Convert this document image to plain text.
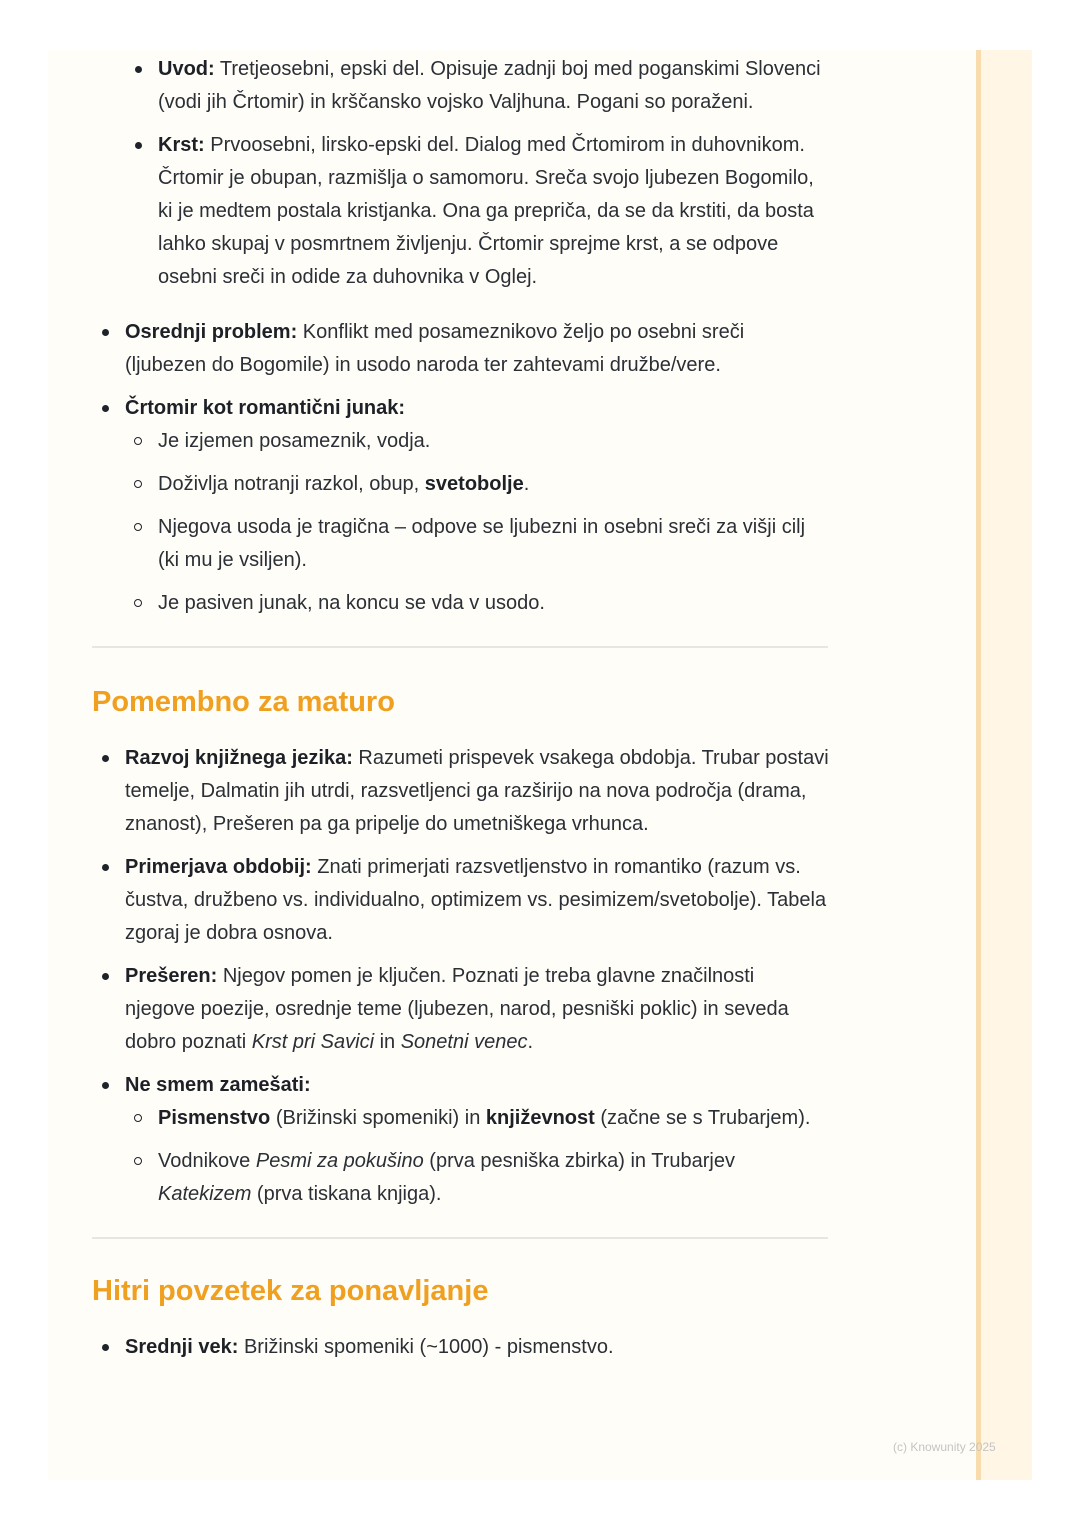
Uvod: Tretjeosebni, epski del. Opisuje zadnji boj med poganskimi Slovenci (vodi jih Črtomir) in krščansko vojsko Valjhuna. Pogani so poraženi.
Krst: Prvoosebni, lirsko-epski del. Dialog med Črtomirom in duhovnikom. Črtomir je obupan, razmišlja o samomoru. Sreča svojo ljubezen Bogomilo, ki je medtem postala kristjanka. Ona ga prepriča, da se da krstiti, da bosta lahko skupaj v posmrtnem življenju. Črtomir sprejme krst, a se odpove osebni sreči in odide za duhovnika v Oglej.
Osrednji problem: Konflikt med posameznikovo željo po osebni sreči (ljubezen do Bogomile) in usodo naroda ter zahtevami družbe/vere.
Črtomir kot romantični junak:
Je izjemen posameznik, vodja.
Doživlja notranji razkol, obup, svetobolje.
Njegova usoda je tragična – odpove se ljubezni in osebni sreči za višji cilj (ki mu je vsiljen).
Je pasiven junak, na koncu se vda v usodo.
Pomembno za maturo
Razvoj knjižnega jezika: Razumeti prispevek vsakega obdobja. Trubar postavi temelje, Dalmatin jih utrdi, razsvetljenci ga razširijo na nova področja (drama, znanost), Prešeren pa ga pripelje do umetniškega vrhunca.
Primerjava obdobij: Znati primerjati razsvetljenstvo in romantiko (razum vs. čustva, družbeno vs. individualno, optimizem vs. pesimizem/svetobolje). Tabela zgoraj je dobra osnova.
Prešeren: Njegov pomen je ključen. Poznati je treba glavne značilnosti njegove poezije, osrednje teme (ljubezen, narod, pesniški poklic) in seveda dobro poznati Krst pri Savici in Sonetni venec.
Ne smem zamešati:
Pismenstvo (Brižinski spomeniki) in književnost (začne se s Trubarjem).
Vodnikove Pesmi za pokušino (prva pesniška zbirka) in Trubarjev Katekizem (prva tiskana knjiga).
Hitri povzetek za ponavljanje
Srednji vek: Brižinski spomeniki (~1000) - pismenstvo.
(c) Knowunity 2025
